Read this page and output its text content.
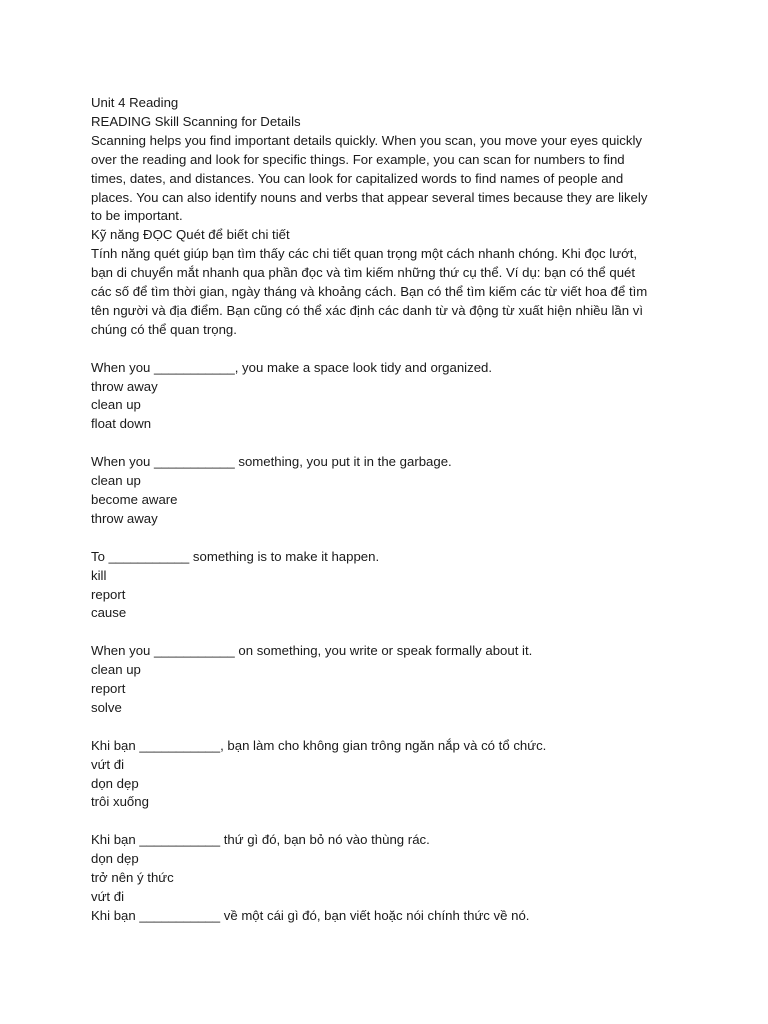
Unit 4 Reading
READING Skill Scanning for Details
Scanning helps you find important details quickly. When you scan, you move your eyes quickly
over the reading and look for specific things. For example, you can scan for numbers to find
times, dates, and distances. You can look for capitalized words to find names of people and
places. You can also identify nouns and verbs that appear several times because they are likely
to be important.
Kỹ năng ĐỌC Quét để biết chi tiết
Tính năng quét giúp bạn tìm thấy các chi tiết quan trọng một cách nhanh chóng. Khi đọc lướt,
bạn di chuyển mắt nhanh qua phần đọc và tìm kiếm những thứ cụ thể. Ví dụ: bạn có thể quét
các số để tìm thời gian, ngày tháng và khoảng cách. Bạn có thể tìm kiếm các từ viết hoa để tìm
tên người và địa điểm. Bạn cũng có thể xác định các danh từ và động từ xuất hiện nhiều lần vì
chúng có thể quan trọng.
When you ___________, you make a space look tidy and organized.
throw away
clean up
float down
When you ___________ something, you put it in the garbage.
clean up
become aware
throw away
To ___________ something is to make it happen.
kill
report
cause
When you ___________ on something, you write or speak formally about it.
clean up
report
solve
Khi bạn ___________, bạn làm cho không gian trông ngăn nắp và có tổ chức.
vứt đi
dọn dẹp
trôi xuống
Khi bạn ___________ thứ gì đó, bạn bỏ nó vào thùng rác.
dọn dẹp
trở nên ý thức
vứt đi
Khi bạn ___________ về một cái gì đó, bạn viết hoặc nói chính thức về nó.
